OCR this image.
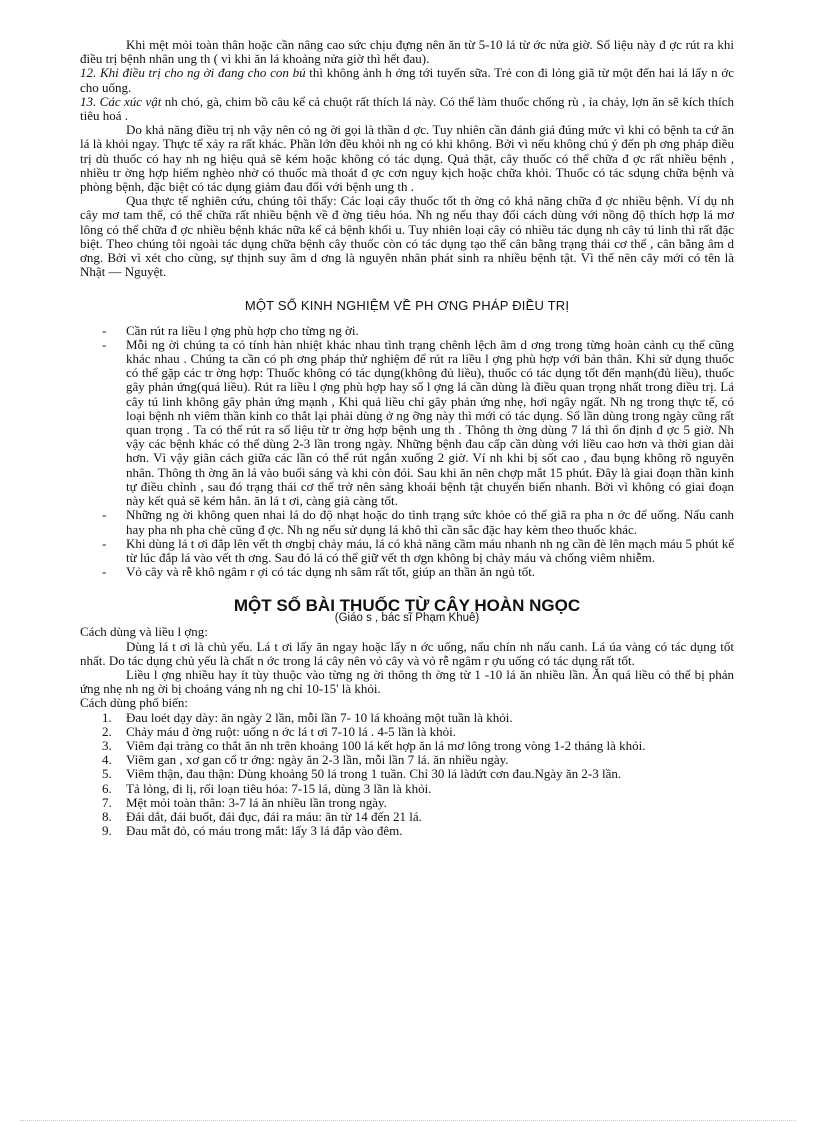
Khi mệt mỏi toàn thân hoặc cần nâng cao sức chịu đựng nên ăn từ 5-10 lá từ ớc nửa giờ. Số liệu này đ ợc rút ra khi điều trị bệnh nhân ung th ( vì khi ăn lá khoảng nửa giờ thì hết đau).

12. Khi điều trị cho ng ời đang cho con bú thì không ảnh h ởng tới tuyến sữa. Trẻ con đi lỏng giã từ một đến hai lá lấy n ớc cho uống.

13. Các xúc vật nh chó, gà, chim bồ câu kể cả chuột rất thích lá này. Có thể làm thuốc chống rù , ỉa chảy, lợn ăn sẽ kích thích tiêu hoá .

Do khả năng điều trị nh vậy nên có ng ời gọi là thần d ợc. Tuy nhiên cần đánh giá đúng mức vì khi có bệnh ta cứ ăn lá là khỏi ngay. Thực tế xảy ra rất khác. Phần lớn đều khỏi nh ng có khi không. Bởi vì nếu không chú ý đến ph ơng pháp điều trị dù thuốc có hay nh ng hiệu quả sẽ kém hoặc không có tác dụng. Quả thật, cây thuốc có thể chữa đ ợc rất nhiều bệnh , nhiều tr ờng hợp hiểm nghèo nhờ có thuốc mà thoát đ ợc cơn nguy kịch hoặc chữa khỏi. Thuốc có tác sdụng chữa bệnh và phòng bệnh, đặc biệt có tác dụng giảm đau đối với bệnh ung th .

Qua thực tế nghiên cứu, chúng tôi thấy: Các loại cây thuốc tốt th ờng có khả năng chữa đ ợc nhiều bệnh. Ví dụ nh cây mơ tam thể, có thể chữa rất nhiều bệnh về đ ờng tiêu hóa. Nh ng nếu thay đổi cách dùng với nồng độ thích hợp lá mơ lông có thể chữa đ ợc nhiều bệnh khác nữa kể cả bệnh khối u. Tuy nhiên loại cây có nhiều tác dụng nh cây tú linh thì rất đặc biệt. Theo chúng tôi ngoài tác dụng chữa bệnh cây thuốc còn có tác dụng tạo thế cân bằng trạng thái cơ thể , cân bằng âm d ơng. Bởi vì xét cho cùng, sự thịnh suy âm d ơng là nguyên nhân phát sinh ra nhiều bệnh tật. Vì thế nên cây mới có tên là Nhật — Nguyệt.

MỘT SỐ KINH NGHIỆM VỀ PH ƠNG PHÁP ĐIỀU TRỊ
- Cần rút ra liều l ợng phù hợp cho từng ng ời.
- Mỗi ng ời chúng ta có tính hàn nhiệt khác nhau tình trạng chênh lệch âm d ơng trong từng hoàn cảnh cụ thể cũng khác nhau . Chúng ta cần có ph ơng pháp thử nghiệm để rút ra liều l ợng phù hợp với bản thân. Khi sử dụng thuốc có thể gặp các tr ờng hợp: Thuốc không có tác dụng(không đủ liều), thuốc có tác dụng tốt đến mạnh(đủ liều), thuốc gây phản ứng(quá liều). Rút ra liều l ợng phù hợp hay số l ợng lá cần dùng là điều quan trọng nhất trong điều trị. Lá cây tú linh không gây phản ứng mạnh , Khi quá liều chỉ gây phản ứng nhẹ, hơi ngây ngất. Nh ng trong thực tế, có loại bệnh nh viêm thần kinh co thắt lại phải dùng ở ng ỡng này thì mới có tác dụng. Số lần dùng trong ngày cũng rất quan trọng . Ta có thể rút ra số liệu từ tr ờng hợp bệnh ung th . Thông th ờng dùng 7 lá thì ổn định đ ợc 5 giờ. Nh vậy các bệnh khác có thể dùng 2-3 lần trong ngày. Những bệnh đau cấp cần dùng với liều cao hơn và thời gian dài hơn. Vì vậy giãn cách giữa các lần có thể rút ngắn xuống 2 giờ. Ví nh khi bị sốt cao , đau bụng không rõ nguyên nhân. Thông th ờng ăn lá vào buổi sáng và khi còn đói. Sau khi ăn nên chợp mắt 15 phút. Đây là giai đoạn thần kinh tự điều chỉnh , sau đó trạng thái cơ thể trở nên sảng khoái bệnh tật chuyển biến nhanh. Bởi vì không có giai đoạn này kết quả sẽ kém hẳn. ăn lá t ơi, càng già càng tốt.
- Những ng ời không quen nhai lá do độ nhạt hoặc do tình trạng sức khỏe có thể giã ra pha n ớc để uống. Nấu canh hay pha nh pha chè cũng đ ợc. Nh ng nếu sử dụng lá khô thì cần sắc đặc hay kèm theo thuốc khác.
- Khi dùng lá t ơi đắp lên vết th ơngbị chảy máu, lá có khả năng cầm máu nhanh nh ng cần đè lên mạch máu 5 phút kể từ lúc đắp lá vào vết th ơng. Sau đó lá có thể giữ vết th ơgn không bị chảy máu và chống viêm nhiễm.
- Vỏ cây và rễ khô ngâm r ợi có tác dụng nh sâm rất tốt, giúp an thần ăn ngủ tốt.
MỘT SỐ BÀI THUỐC TỪ CÂY HOÀN NGỌC
(Giáo s , bác sĩ Phạm Khuê)

Cách dùng và liều l ợng:

Dùng lá t ơi là chủ yếu. Lá t ơi lấy ăn ngay hoặc lấy n ớc uống, nấu chín nh nấu canh. Lá úa vàng có tác dụng tốt nhất. Do tác dụng chủ yếu là chất n ớc trong lá cây nên vỏ cây và vỏ rễ ngâm r ợu uống có tác dụng rất tốt.

Liều l ợng nhiều hay ít tùy thuộc vào từng ng ời thông th ờng từ 1 -10 lá ăn nhiều lần. Ăn quá liều có thể bị phản ứng nhẹ nh ng ời bị choáng váng nh ng chỉ 10-15' là khỏi.

Cách dùng phổ biến:

1. Đau loét dạy dày: ăn ngày 2 lần, mỗi lần 7- 10 lá khoảng một tuần là khỏi.
2. Chảy máu đ ờng ruột: uống n ớc lá t ơi 7-10 lá . 4-5 lần là khỏi.
3. Viêm đại tràng co thắt ăn nh trên khoảng 100 lá kết hợp ăn lá mơ lông trong vòng 1-2 tháng là khỏi.
4. Viêm gan , xơ gan cổ tr ớng: ngày ăn 2-3 lần, mỗi lần 7 lá. ăn nhiều ngày.
5. Viêm thận, đau thận: Dùng khoảng 50 lá trong 1 tuần. Chỉ 30 lá làdứt cơn đau.Ngày ăn 2-3 lần.
6. Tả lỏng, đi lị, rối loạn tiêu hóa: 7-15 lá, dùng 3 lần là khỏi.
7. Mệt mỏi toàn thân: 3-7 lá ăn nhiều lần trong ngày.
8. Đái dắt, đái buốt, đái đục, đái ra máu: ăn từ 14 đến 21 lá.
9. Đau mắt đỏ, có máu trong mắt: lấy 3 lá đắp vào đêm.
